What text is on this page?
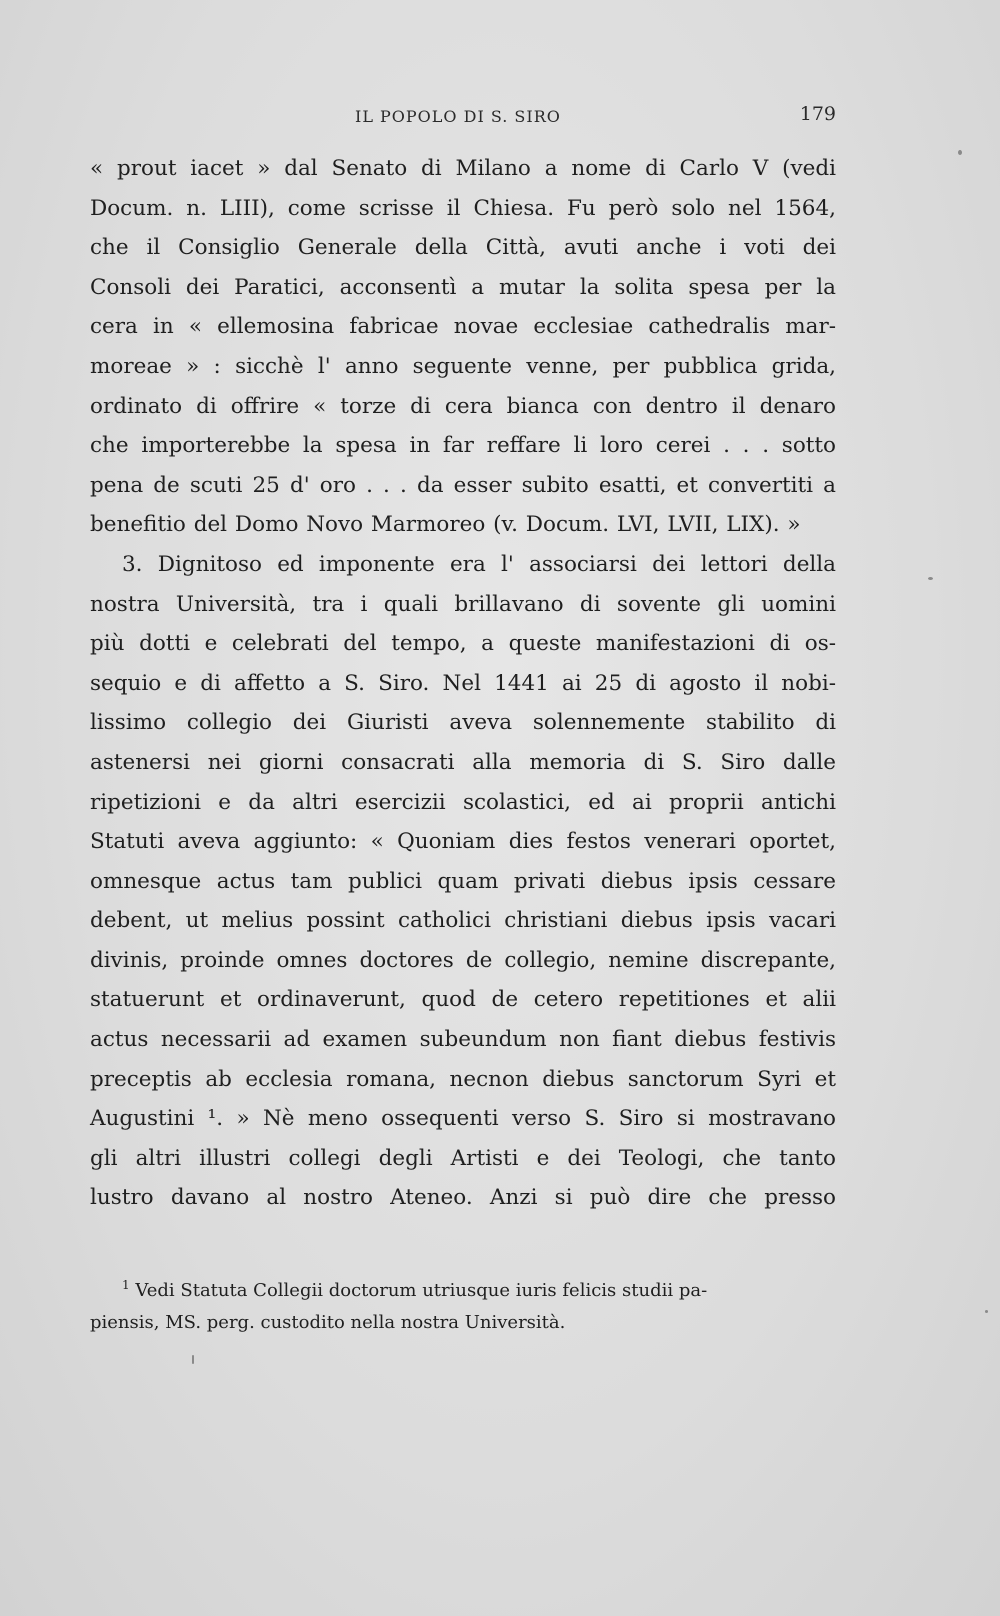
IL POPOLO DI S. SIRO	179
« prout iacet » dal Senato di Milano a nome di Carlo V (vedi
Docum. n. LIII), come scrisse il Chiesa. Fu però solo nel 1564,
che il Consiglio Generale della Città, avuti anche i voti dei
Consoli dei Paratici, acconsentì a mutar la solita spesa per la
cera in « ellemosina fabricae novae ecclesiae cathedralis mar-
moreae » : sicchè l' anno seguente venne, per pubblica grida,
ordinato di offrire « torze di cera bianca con dentro il denaro
che importerebbe la spesa in far reffare li loro cerei . . . sotto
pena de scuti 25 d' oro . . . da esser subito esatti, et convertiti a
benefitio del Domo Novo Marmoreo (v. Docum. LVI, LVII, LIX). »
3. Dignitoso ed imponente era l' associarsi dei lettori della
nostra Università, tra i quali brillavano di sovente gli uomini
più dotti e celebrati del tempo, a queste manifestazioni di os-
sequio e di affetto a S. Siro. Nel 1441 ai 25 di agosto il nobi-
lissimo collegio dei Giuristi aveva solennemente stabilito di
astenersi nei giorni consacrati alla memoria di S. Siro dalle
ripetizioni e da altri esercizii scolastici, ed ai proprii antichi
Statuti aveva aggiunto: « Quoniam dies festos venerari oportet,
omnesque actus tam publici quam privati diebus ipsis cessare
debent, ut melius possint catholici christiani diebus ipsis vacari
divinis, proinde omnes doctores de collegio, nemine discrepante,
statuerunt et ordinaverunt, quod de cetero repetitiones et alii
actus necessarii ad examen subeundum non fiant diebus festivis
preceptis ab ecclesia romana, necnon diebus sanctorum Syri et
Augustini ¹. » Nè meno ossequenti verso S. Siro si mostravano
gli altri illustri collegi degli Artisti e dei Teologi, che tanto
lustro davano al nostro Ateneo. Anzi si può dire che presso
$^1$ Vedi Statuta Collegii doctorum utriusque iuris felicis studii pa-
piensis, MS. perg. custodito nella nostra Università.
